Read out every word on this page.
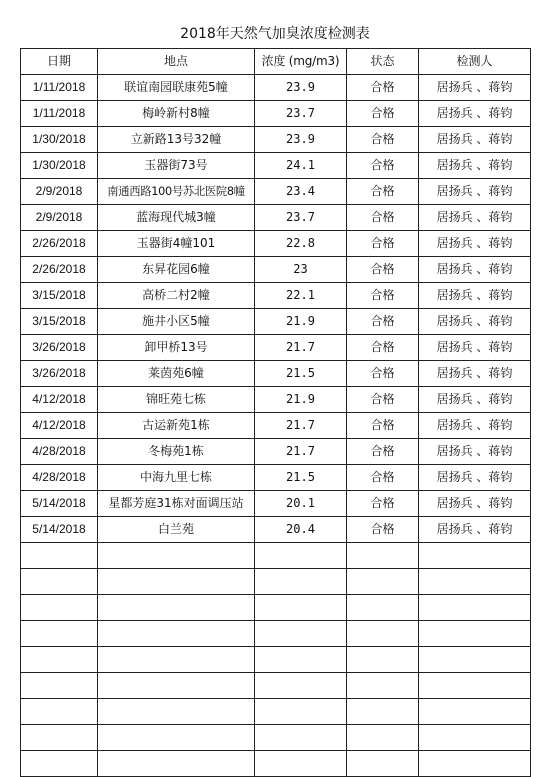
2018年天然气加臭浓度检测表
日期	地点	浓度 (mg/m3)	状态	检测人
1/11/2018	联谊南园联康苑5幢	23.9	合格	居扬兵 、蒋钧
1/11/2018	梅岭新村8幢	23.7	合格	居扬兵 、蒋钧
1/30/2018	立新路13号32幢	23.9	合格	居扬兵 、蒋钧
1/30/2018	玉器街73号	24.1	合格	居扬兵 、蒋钧
2/9/2018	南通西路100号苏北医院8幢	23.4	合格	居扬兵 、蒋钧
2/9/2018	蓝海现代城3幢	23.7	合格	居扬兵 、蒋钧
2/26/2018	玉器街4幢101	22.8	合格	居扬兵 、蒋钧
2/26/2018	东昇花园6幢	23	合格	居扬兵 、蒋钧
3/15/2018	高桥二村2幢	22.1	合格	居扬兵 、蒋钧
3/15/2018	施井小区5幢	21.9	合格	居扬兵 、蒋钧
3/26/2018	卸甲桥13号	21.7	合格	居扬兵 、蒋钧
3/26/2018	莱茵苑6幢	21.5	合格	居扬兵 、蒋钧
4/12/2018	锦旺苑七栋	21.9	合格	居扬兵 、蒋钧
4/12/2018	古运新苑1栋	21.7	合格	居扬兵 、蒋钧
4/28/2018	冬梅苑1栋	21.7	合格	居扬兵 、蒋钧
4/28/2018	中海九里七栋	21.5	合格	居扬兵 、蒋钧
5/14/2018	星都芳庭31栋对面调压站	20.1	合格	居扬兵 、蒋钧
5/14/2018	白兰苑	20.4	合格	居扬兵 、蒋钧
